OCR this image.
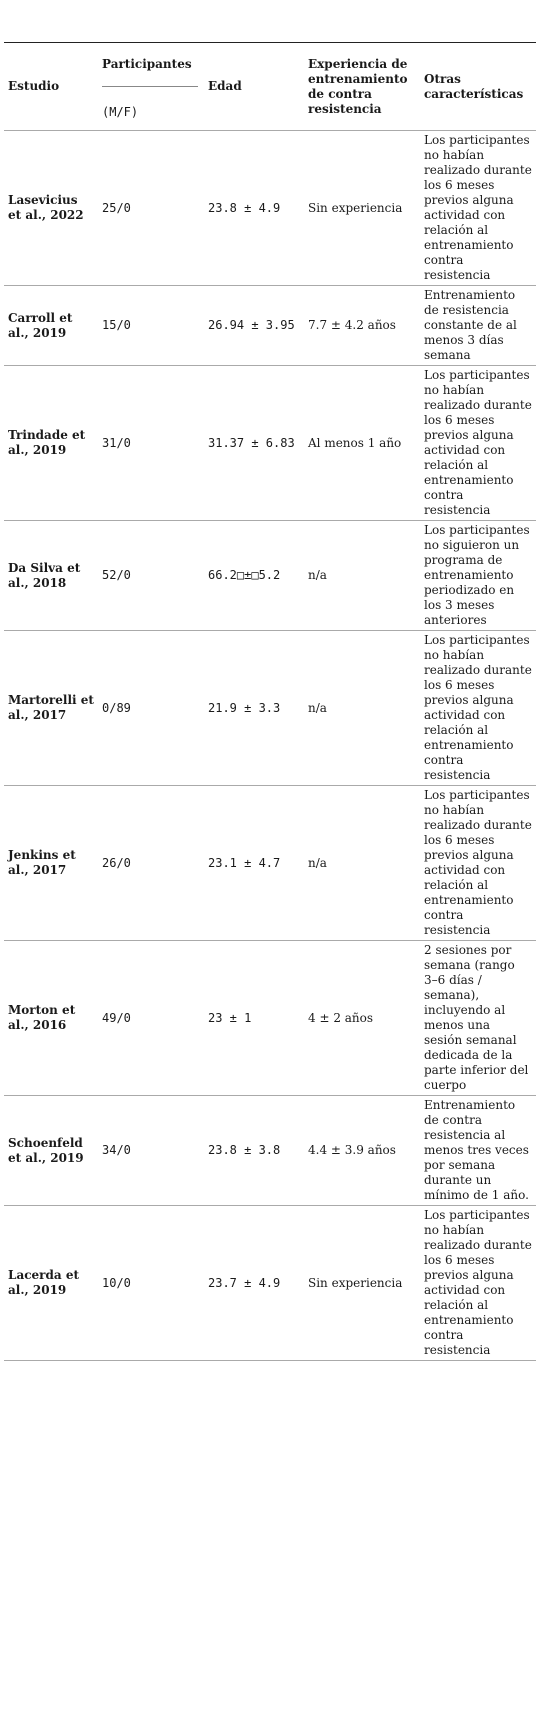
Estudio	Participantes	Edad	Experiencia de entrenamiento de contra resistencia	Otras características
	(M/F)			
Lasevicius et al., 2022	25/0	23.8 ± 4.9	Sin experiencia	Los participantes no habían realizado durante los 6 meses previos alguna actividad con relación al entrenamiento contra resistencia
Carroll et al., 2019	15/0	26.94 ± 3.95	7.7 ± 4.2 años	Entrenamiento de resistencia constante de al menos 3 días semana
Trindade et al., 2019	31/0	31.37 ± 6.83	Al menos 1 año	Los participantes no habían realizado durante los 6 meses previos alguna actividad con relación al entrenamiento contra resistencia
Da Silva et al., 2018	52/0	66.2□±□5.2	n/a	Los participantes no siguieron un programa de entrenamiento periodizado en los 3 meses anteriores
Martorelli et al., 2017	0/89	21.9 ± 3.3	n/a	Los participantes no habían realizado durante los 6 meses previos alguna actividad con relación al entrenamiento contra resistencia
Jenkins et al., 2017	26/0	23.1 ± 4.7	n/a	Los participantes no habían realizado durante los 6 meses previos alguna actividad con relación al entrenamiento contra resistencia
Morton et al., 2016	49/0	23 ± 1	4 ± 2 años	2 sesiones por semana (rango 3–6 días / semana), incluyendo al menos una sesión semanal dedicada de la parte inferior del cuerpo
Schoenfeld et al., 2019	34/0	23.8 ± 3.8	4.4 ± 3.9 años	Entrenamiento de contra resistencia al menos tres veces por semana durante un mínimo de 1 año.
Lacerda et al., 2019	10/0	23.7 ± 4.9	Sin experiencia	Los participantes no habían realizado durante los 6 meses previos alguna actividad con relación al entrenamiento contra resistencia
